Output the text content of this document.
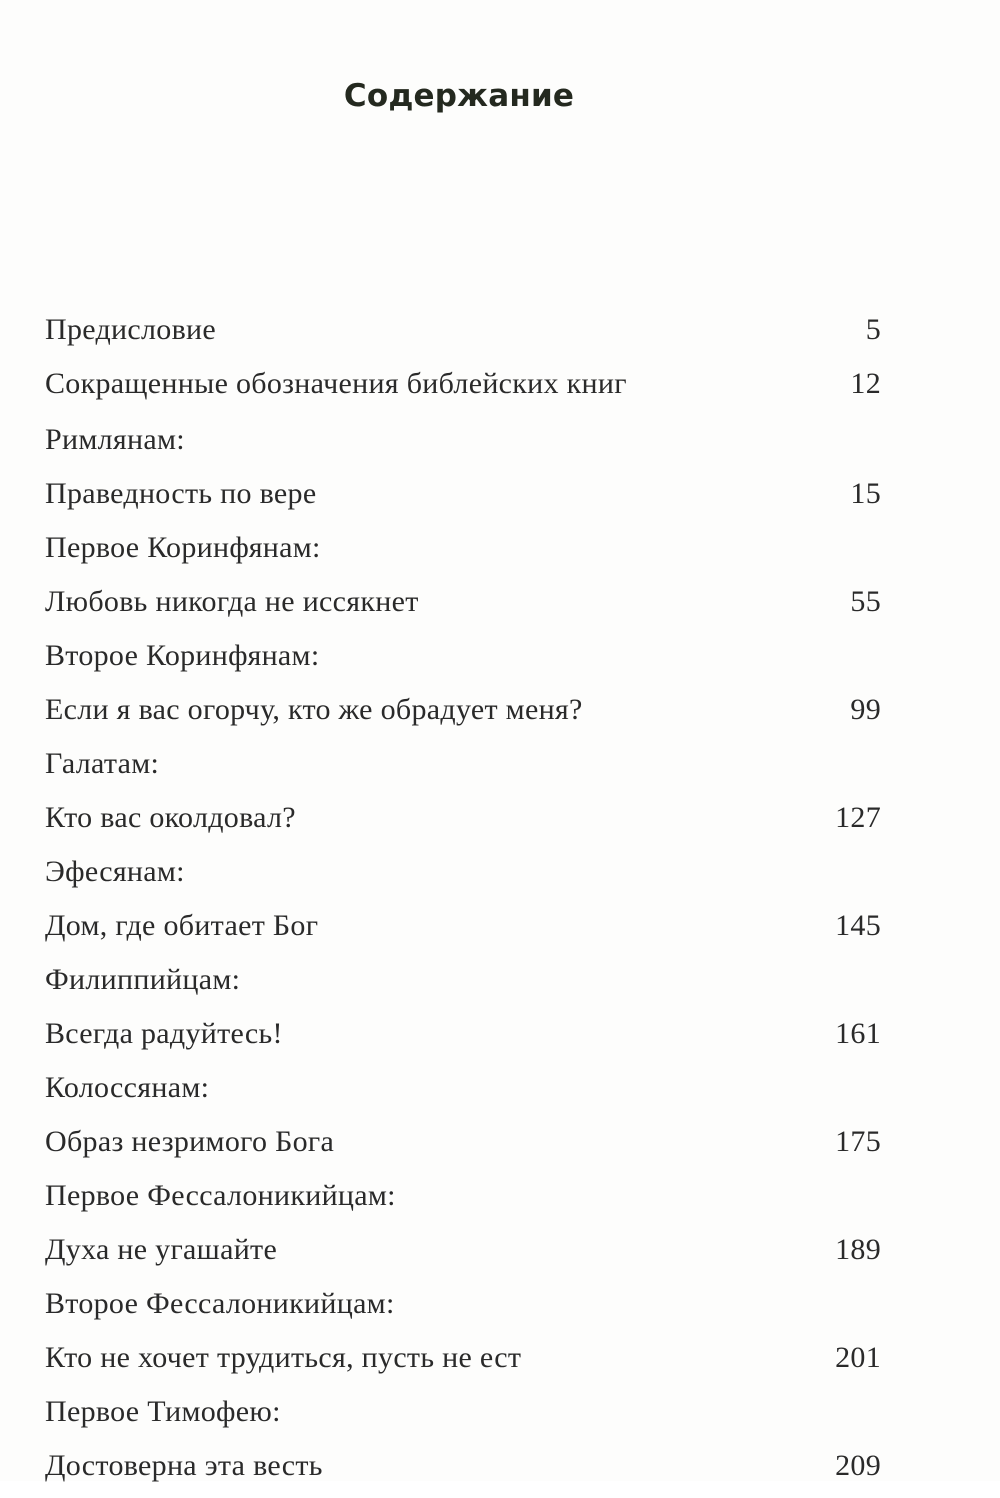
Содержание
Предисловие	5
Сокращенные обозначения библейских книг	12
Римлянам:
Праведность по вере	15
Первое Коринфянам:
Любовь никогда не иссякнет	55
Второе Коринфянам:
Если я вас огорчу, кто же обрадует меня?	99
Галатам:
Кто вас околдовал?	127
Эфесянам:
Дом, где обитает Бог	145
Филиппийцам:
Всегда радуйтесь!	161
Колоссянам:
Образ незримого Бога	175
Первое Фессалоникийцам:
Духа не угашайте	189
Второе Фессалоникийцам:
Кто не хочет трудиться, пусть не ест	201
Первое Тимофею:
Достоверна эта весть	209
